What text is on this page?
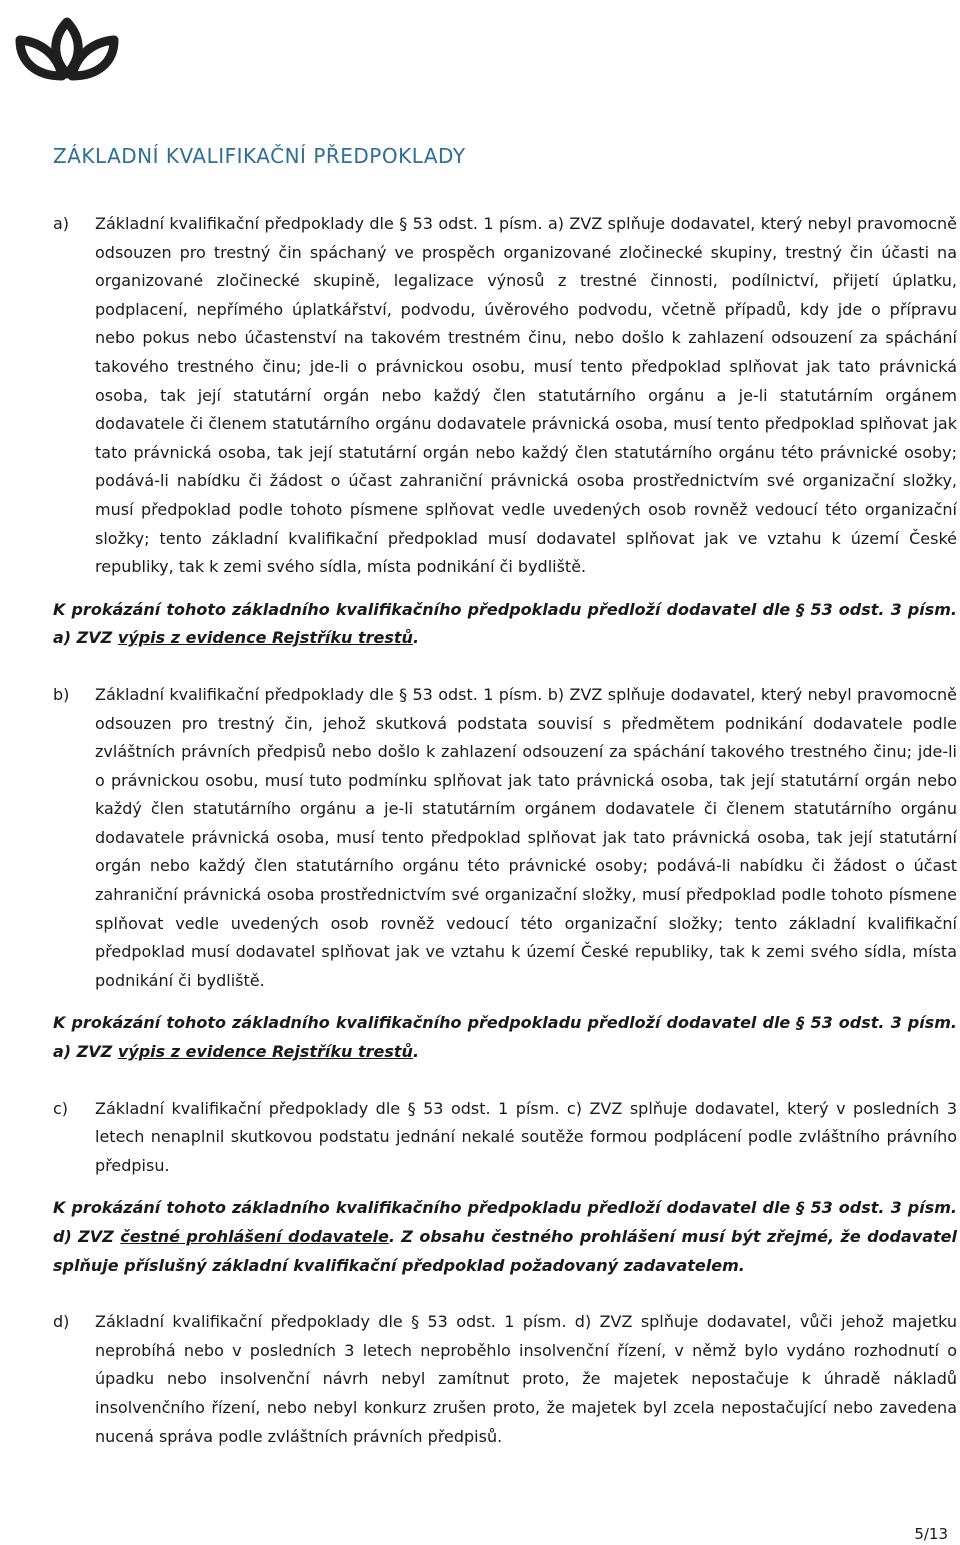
ZÁKLADNÍ KVALIFIKAČNÍ PŘEDPOKLADY
a)	Základní kvalifikační předpoklady dle § 53 odst. 1 písm. a) ZVZ splňuje dodavatel, který nebyl pravomocně odsouzen pro trestný čin spáchaný ve prospěch organizované zločinecké skupiny, trestný čin účasti na organizované zločinecké skupině, legalizace výnosů z trestné činnosti, podílnictví, přijetí úplatku, podplacení, nepřímého úplatkářství, podvodu, úvěrového podvodu, včetně případů, kdy jde o přípravu nebo pokus nebo účastenství na takovém trestném činu, nebo došlo k zahlazení odsouzení za spáchání takového trestného činu; jde-li o právnickou osobu, musí tento předpoklad splňovat jak tato právnická osoba, tak její statutární orgán nebo každý člen statutárního orgánu a je-li statutárním orgánem dodavatele či členem statutárního orgánu dodavatele právnická osoba, musí tento předpoklad splňovat jak tato právnická osoba, tak její statutární orgán nebo každý člen statutárního orgánu této právnické osoby; podává-li nabídku či žádost o účast zahraniční právnická osoba prostřednictvím své organizační složky, musí předpoklad podle tohoto písmene splňovat vedle uvedených osob rovněž vedoucí této organizační složky; tento základní kvalifikační předpoklad musí dodavatel splňovat jak ve vztahu k území České republiky, tak k zemi svého sídla, místa podnikání či bydliště.
K prokázání tohoto základního kvalifikačního předpokladu předloží dodavatel dle § 53 odst. 3 písm. a) ZVZ výpis z evidence Rejstříku trestů.
b)	Základní kvalifikační předpoklady dle § 53 odst. 1 písm. b) ZVZ splňuje dodavatel, který nebyl pravomocně odsouzen pro trestný čin, jehož skutková podstata souvisí s předmětem podnikání dodavatele podle zvláštních právních předpisů nebo došlo k zahlazení odsouzení za spáchání takového trestného činu; jde-li o právnickou osobu, musí tuto podmínku splňovat jak tato právnická osoba, tak její statutární orgán nebo každý člen statutárního orgánu a je-li statutárním orgánem dodavatele či členem statutárního orgánu dodavatele právnická osoba, musí tento předpoklad splňovat jak tato právnická osoba, tak její statutární orgán nebo každý člen statutárního orgánu této právnické osoby; podává-li nabídku či žádost o účast zahraniční právnická osoba prostřednictvím své organizační složky, musí předpoklad podle tohoto písmene splňovat vedle uvedených osob rovněž vedoucí této organizační složky; tento základní kvalifikační předpoklad musí dodavatel splňovat jak ve vztahu k území České republiky, tak k zemi svého sídla, místa podnikání či bydliště.
K prokázání tohoto základního kvalifikačního předpokladu předloží dodavatel dle § 53 odst. 3 písm. a) ZVZ výpis z evidence Rejstříku trestů.
c)	Základní kvalifikační předpoklady dle § 53 odst. 1 písm. c) ZVZ splňuje dodavatel, který v posledních 3 letech nenaplnil skutkovou podstatu jednání nekalé soutěže formou podplácení podle zvláštního právního předpisu.
K prokázání tohoto základního kvalifikačního předpokladu předloží dodavatel dle § 53 odst. 3 písm. d) ZVZ čestné prohlášení dodavatele. Z obsahu čestného prohlášení musí být zřejmé, že dodavatel splňuje příslušný základní kvalifikační předpoklad požadovaný zadavatelem.
d)	Základní kvalifikační předpoklady dle § 53 odst. 1 písm. d) ZVZ splňuje dodavatel, vůči jehož majetku neprobíhá nebo v posledních 3 letech neproběhlo insolvenční řízení, v němž bylo vydáno rozhodnutí o úpadku nebo insolvenční návrh nebyl zamítnut proto, že majetek nepostačuje k úhradě nákladů insolvenčního řízení, nebo nebyl konkurz zrušen proto, že majetek byl zcela nepostačující nebo zavedena nucená správa podle zvláštních právních předpisů.
5/13
